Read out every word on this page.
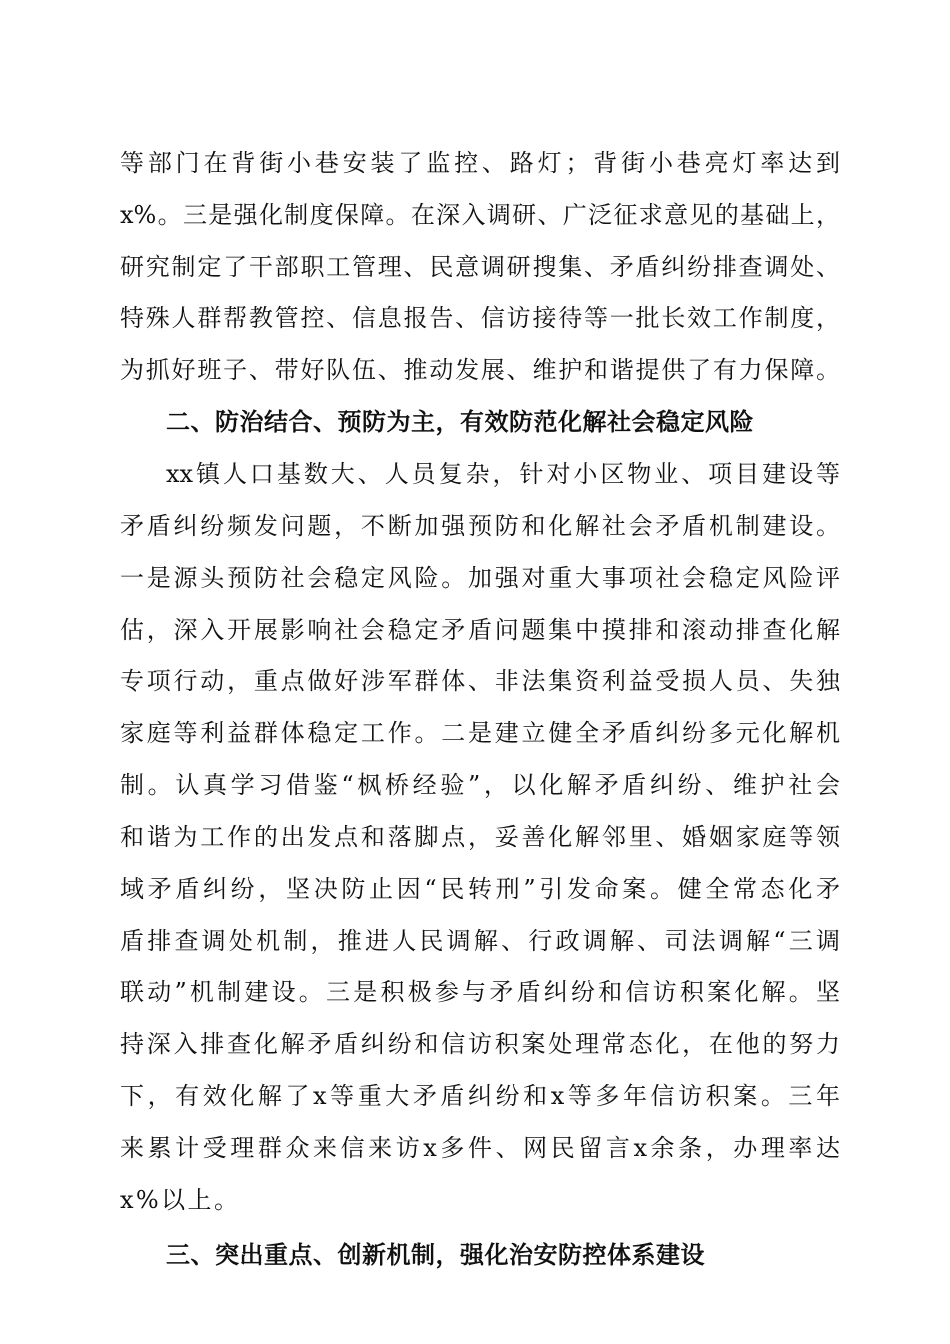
等部门在背街小巷安装了监控、路灯；背街小巷亮灯率达到
x%。三是强化制度保障。在深入调研、广泛征求意见的基础上，
研究制定了干部职工管理、民意调研搜集、矛盾纠纷排查调处、
特殊人群帮教管控、信息报告、信访接待等一批长效工作制度，
为抓好班子、带好队伍、推动发展、维护和谐提供了有力保障。
二、防治结合、预防为主，有效防范化解社会稳定风险
xx镇人口基数大、人员复杂，针对小区物业、项目建设等
矛盾纠纷频发问题，不断加强预防和化解社会矛盾机制建设。
一是源头预防社会稳定风险。加强对重大事项社会稳定风险评
估，深入开展影响社会稳定矛盾问题集中摸排和滚动排查化解
专项行动，重点做好涉军群体、非法集资利益受损人员、失独
家庭等利益群体稳定工作。二是建立健全矛盾纠纷多元化解机
制。认真学习借鉴“枫桥经验”，以化解矛盾纠纷、维护社会
和谐为工作的出发点和落脚点，妥善化解邻里、婚姻家庭等领
域矛盾纠纷，坚决防止因“民转刑”引发命案。健全常态化矛
盾排查调处机制，推进人民调解、行政调解、司法调解“三调
联动”机制建设。三是积极参与矛盾纠纷和信访积案化解。坚
持深入排查化解矛盾纠纷和信访积案处理常态化，在他的努力
下，有效化解了x等重大矛盾纠纷和x等多年信访积案。三年
来累计受理群众来信来访x多件、网民留言x余条，办理率达
x%以上。
三、突出重点、创新机制，强化治安防控体系建设
